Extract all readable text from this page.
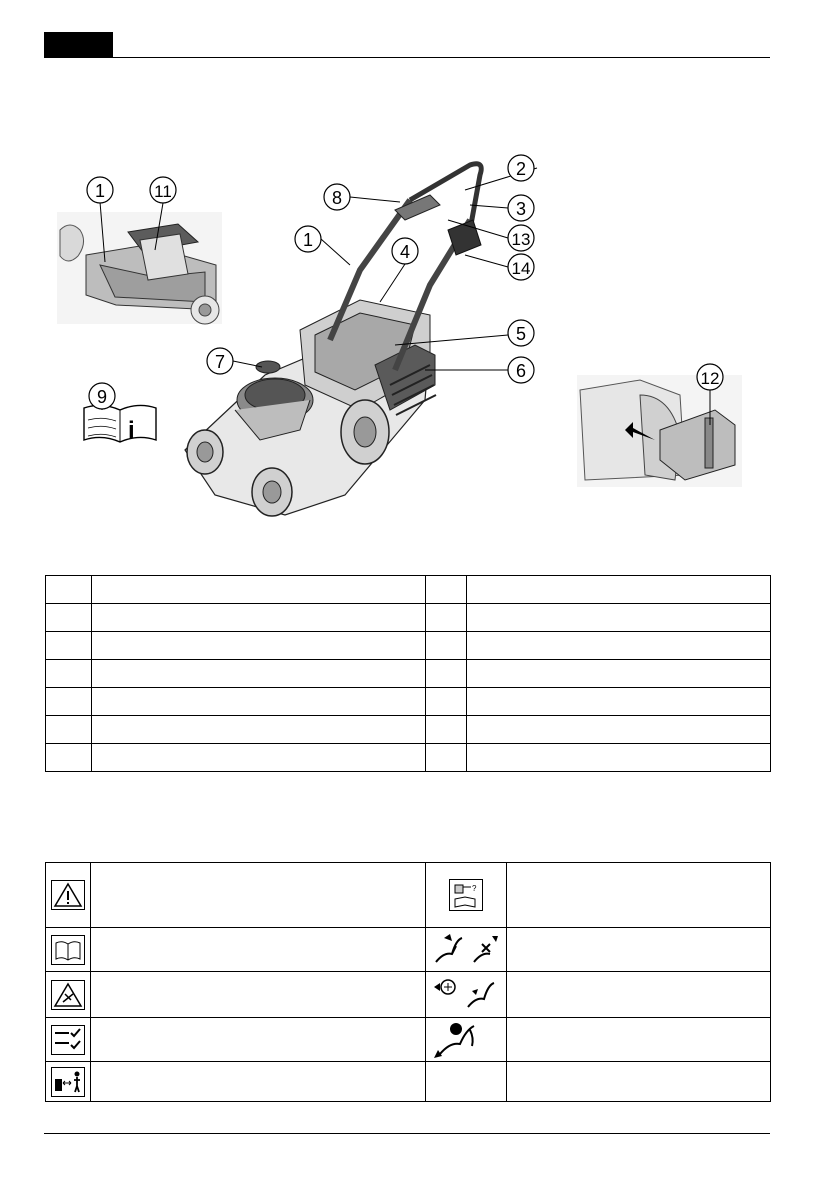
1	11
i
9
1
2
3
4
5
6
7
8
13
14
12

?	
